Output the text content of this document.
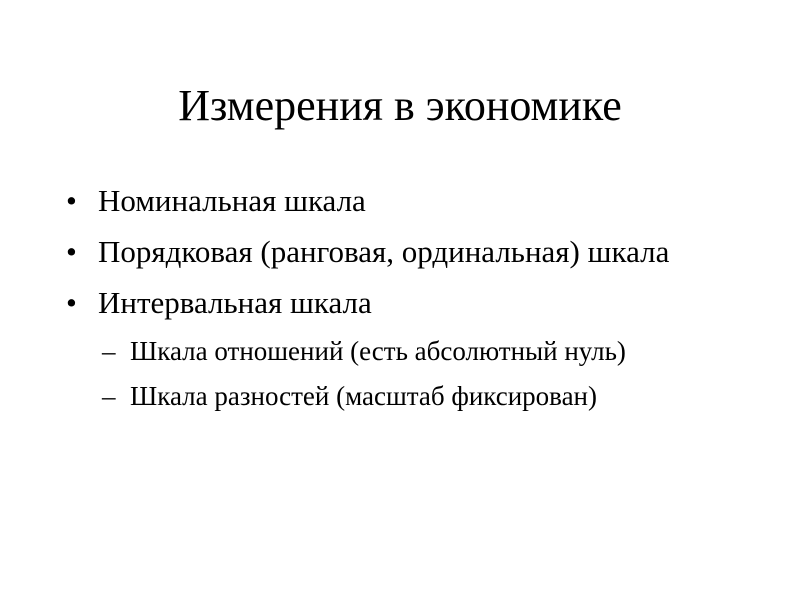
Измерения в экономике
• Номинальная шкала
• Порядковая (ранговая, ординальная) шкала
• Интервальная шкала
– Шкала отношений (есть абсолютный нуль)
– Шкала разностей (масштаб фиксирован)
